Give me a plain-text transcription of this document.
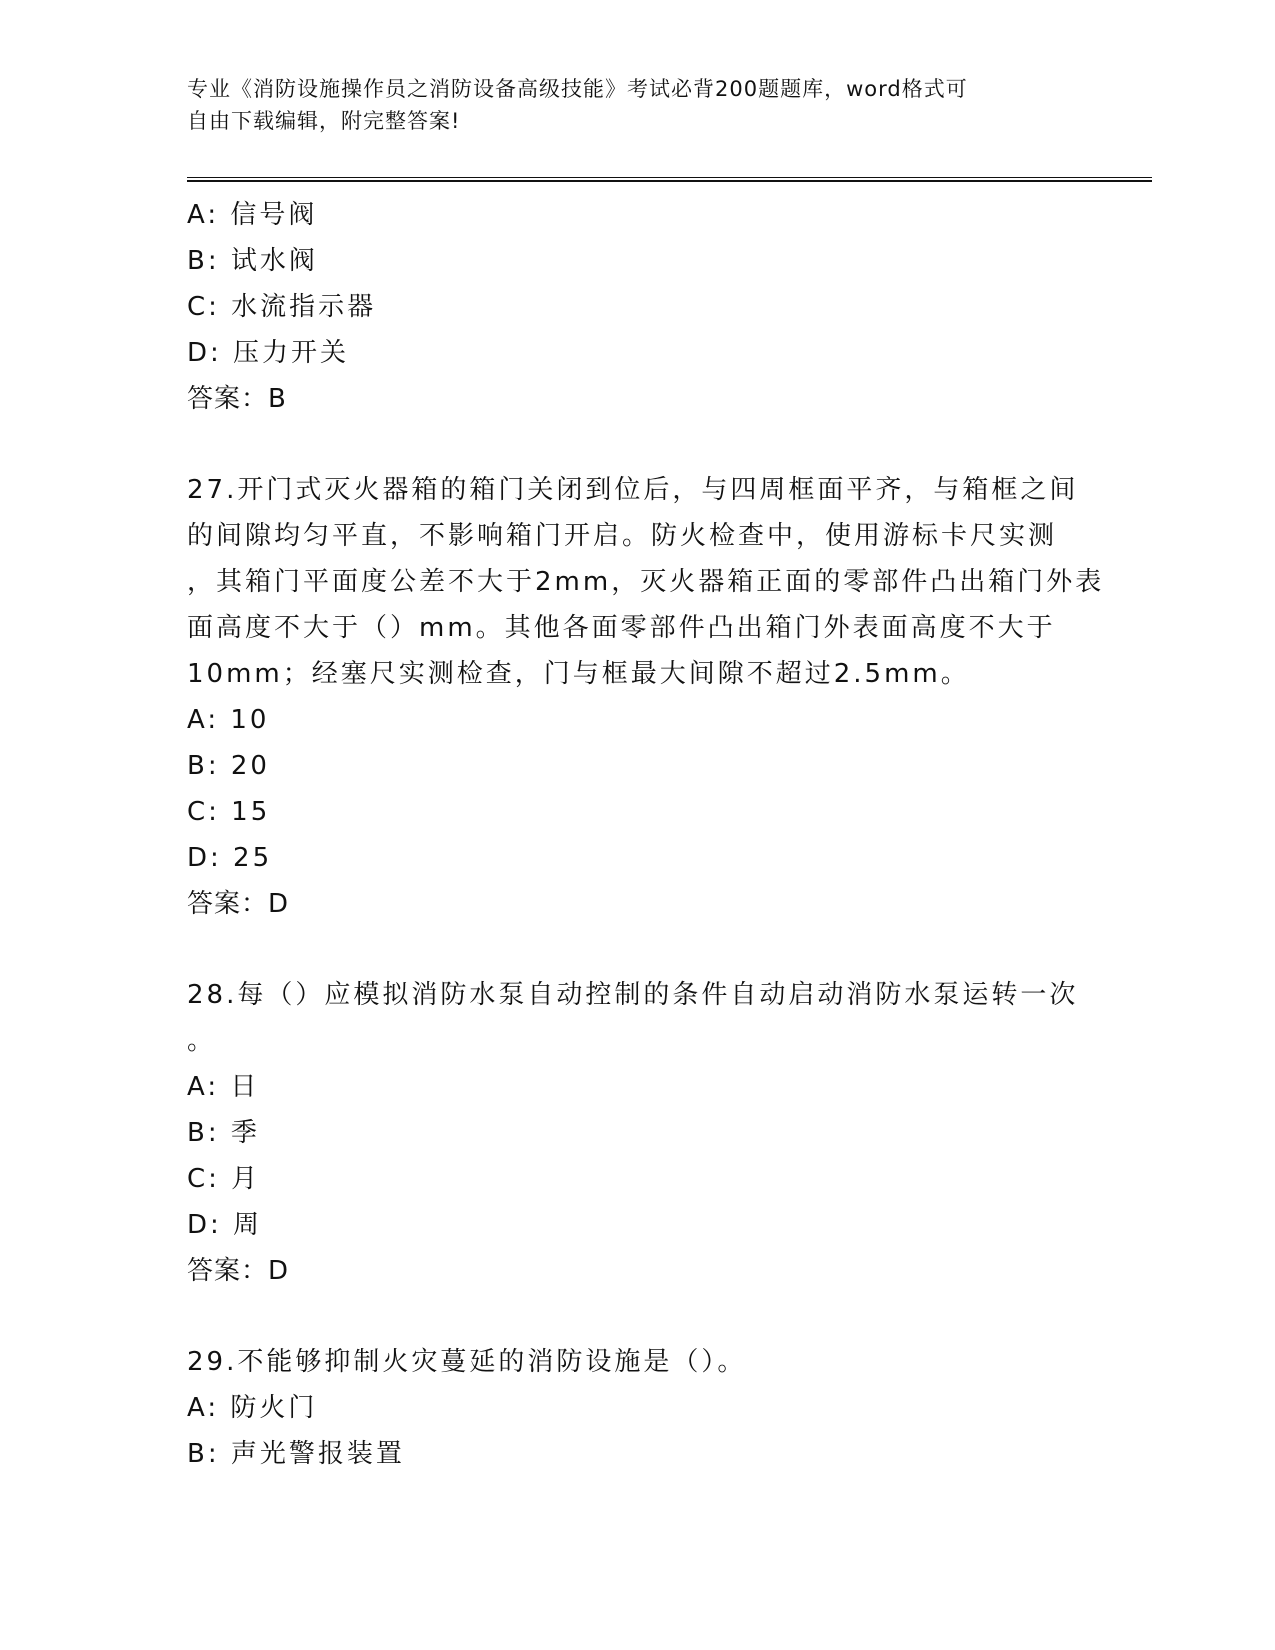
专业《消防设施操作员之消防设备高级技能》考试必背200题题库，word格式可
自由下载编辑，附完整答案!
A: 信号阀
B: 试水阀
C: 水流指示器
D: 压力开关
答案：B
27.开门式灭火器箱的箱门关闭到位后，与四周框面平齐，与箱框之间
的间隙均匀平直，不影响箱门开启。防火检查中，使用游标卡尺实测
，其箱门平面度公差不大于2mm，灭火器箱正面的零部件凸出箱门外表
面高度不大于（）mm。其他各面零部件凸出箱门外表面高度不大于
10mm；经塞尺实测检查，门与框最大间隙不超过2.5mm。
A: 10
B: 20
C: 15
D: 25
答案：D
28.每（）应模拟消防水泵自动控制的条件自动启动消防水泵运转一次
。
A: 日
B: 季
C: 月
D: 周
答案：D
29.不能够抑制火灾蔓延的消防设施是（）。
A: 防火门
B: 声光警报装置
